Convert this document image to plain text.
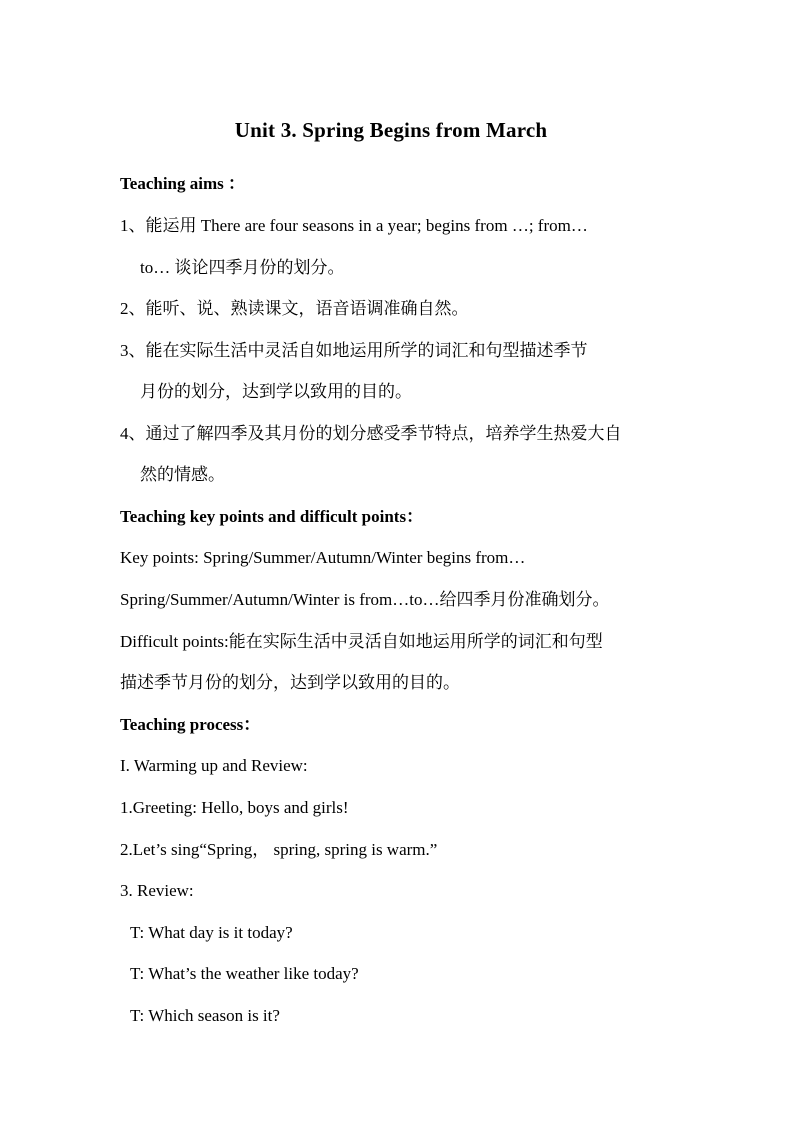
Unit 3. Spring Begins from March
Teaching aims ：
1、能运用 There are four seasons in a year; begins from …; from…
to… 谈论四季月份的划分。
2、能听、说、熟读课文，语音语调准确自然。
3、能在实际生活中灵活自如地运用所学的词汇和句型描述季节
月份的划分，达到学以致用的目的。
4、通过了解四季及其月份的划分感受季节特点，培养学生热爱大自
然的情感。
Teaching key points and difficult points：
Key points: Spring/Summer/Autumn/Winter begins from…
Spring/Summer/Autumn/Winter is from…to…给四季月份准确划分。
Difficult points:能在实际生活中灵活自如地运用所学的词汇和句型
描述季节月份的划分，达到学以致用的目的。
Teaching process：
I. Warming up and Review:
1.Greeting: Hello, boys and girls!
2.Let’s sing“Spring， spring, spring is warm.”
3. Review:
T: What day is it today?
T: What’s the weather like today?
T: Which season is it?
